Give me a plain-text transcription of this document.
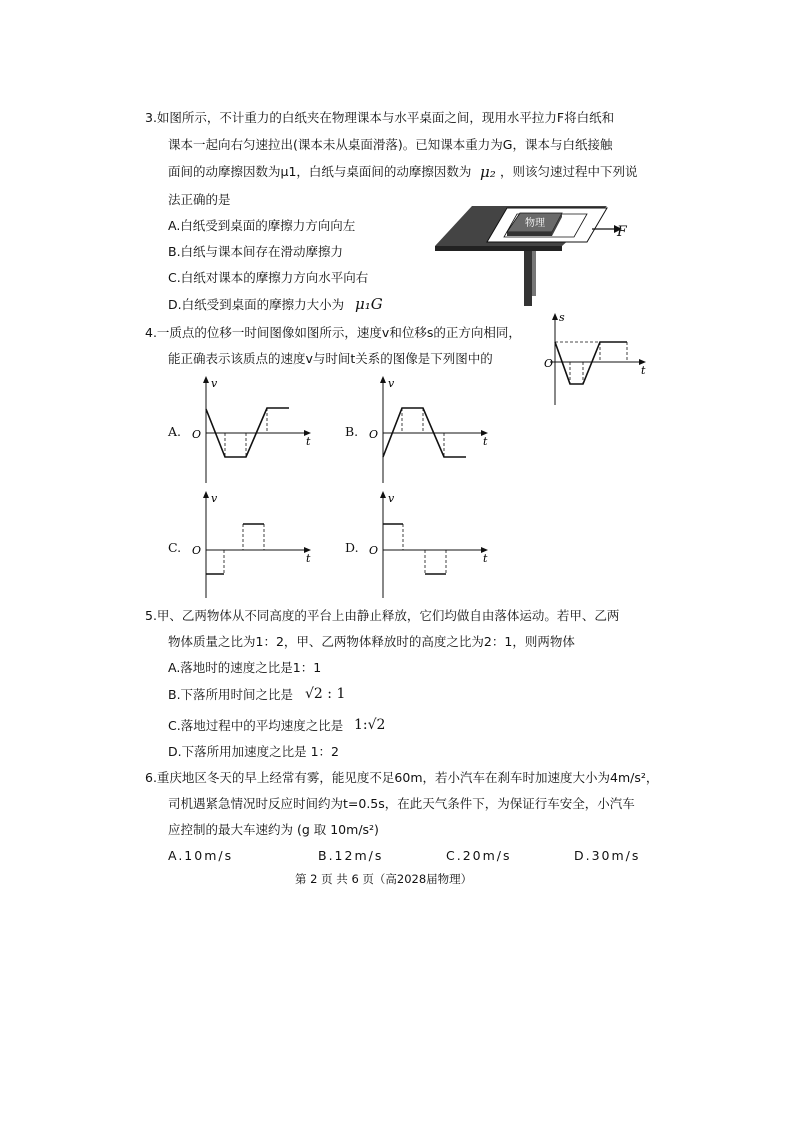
3.如图所示，不计重力的白纸夹在物理课本与水平桌面之间，现用水平拉力F将白纸和
课本一起向右匀速拉出(课本未从桌面滑落)。已知课本重力为G，课本与白纸接触
面间的动摩擦因数为μ1，白纸与桌面间的动摩擦因数为 μ₂ ，则该匀速过程中下列说
法正确的是
A.白纸受到桌面的摩擦力方向向左
B.白纸与课本间存在滑动摩擦力
C.白纸对课本的摩擦力方向水平向右
D.白纸受到桌面的摩擦力大小为 μ₁G
物理
F
4.一质点的位移一时间图像如图所示，速度v和位移s的正方向相同，
能正确表示该质点的速度v与时间t关系的图像是下列图中的
s
t
O
A.
v
t
O	B.
v
t
O
C.
v
t
O	D.
v
t
O
5.甲、乙两物体从不同高度的平台上由静止释放，它们均做自由落体运动。若甲、乙两
物体质量之比为1：2，甲、乙两物体释放时的高度之比为2：1，则两物体
A.落地时的速度之比是1：1
B.下落所用时间之比是 √2 : 1
C.落地过程中的平均速度之比是 1:√2
D.下落所用加速度之比是 1：2
6.重庆地区冬天的早上经常有雾，能见度不足60m，若小汽车在刹车时加速度大小为4m/s²，
司机遇紧急情况时反应时间约为t=0.5s，在此天气条件下，为保证行车安全，小汽车
应控制的最大车速约为 (g 取 10m/s²)
A.10m/s	B.12m/s	C.20m/s	D.30m/s
第 2 页 共 6 页（高2028届物理）
